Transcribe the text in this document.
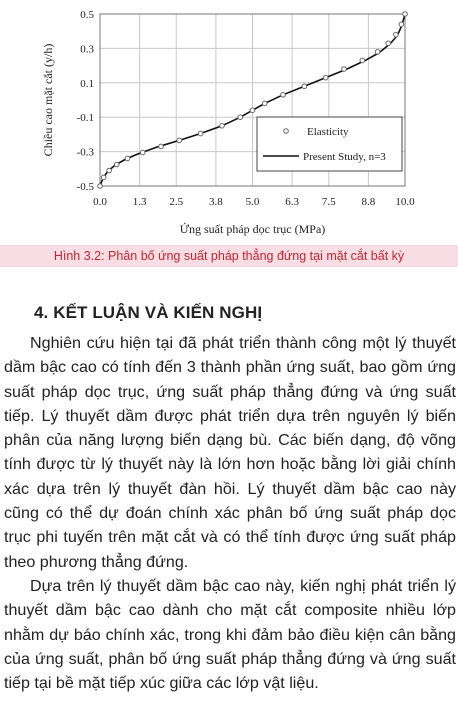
0.5
0.3
0.1
-0.1
-0.3
-0.5
0.0 1.3 2.5 3.8 5.0 6.3 7.5 8.8 10.0
Chiều cao mặt cắt (y/h)
Ứng suất pháp dọc trục (MPa)
Elasticity
Present Study, n=3
Hình 3.2: Phân bố ứng suất pháp thẳng đứng tại mặt cắt bất kỳ
4. KẾT LUẬN VÀ KIẾN NGHỊ

Nghiên cứu hiện tại đã phát triển thành công một lý thuyết dầm bậc cao có tính đến 3 thành phần ứng suất, bao gồm ứng suất pháp dọc trục, ứng suất pháp thẳng đứng và ứng suất tiếp. Lý thuyết dầm được phát triển dựa trên nguyên lý biến phân của năng lượng biến dạng bù. Các biến dạng, độ võng tính được từ lý thuyết này là lớn hơn hoặc bằng lời giải chính xác dựa trên lý thuyết đàn hồi. Lý thuyết dầm bậc cao này cũng có thể dự đoán chính xác phân bố ứng suất pháp dọc trục phi tuyến trên mặt cắt và có thể tính được ứng suất pháp theo phương thẳng đứng.

Dựa trên lý thuyết dầm bậc cao này, kiến nghị phát triển lý thuyết dầm bậc cao dành cho mặt cắt composite nhiều lớp nhằm dự báo chính xác, trong khi đảm bảo điều kiện cân bằng của ứng suất, phân bố ứng suất pháp thẳng đứng và ứng suất tiếp tại bề mặt tiếp xúc giữa các lớp vật liệu.
